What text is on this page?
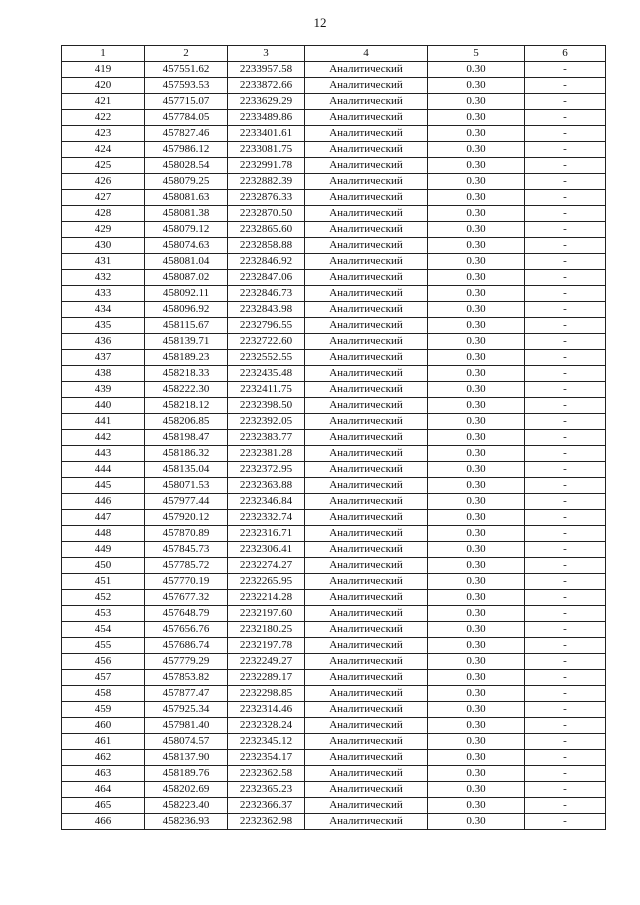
12
1	2	3	4	5	6
419	457551.62	2233957.58	Аналитический	0.30	-
420	457593.53	2233872.66	Аналитический	0.30	-
421	457715.07	2233629.29	Аналитический	0.30	-
422	457784.05	2233489.86	Аналитический	0.30	-
423	457827.46	2233401.61	Аналитический	0.30	-
424	457986.12	2233081.75	Аналитический	0.30	-
425	458028.54	2232991.78	Аналитический	0.30	-
426	458079.25	2232882.39	Аналитический	0.30	-
427	458081.63	2232876.33	Аналитический	0.30	-
428	458081.38	2232870.50	Аналитический	0.30	-
429	458079.12	2232865.60	Аналитический	0.30	-
430	458074.63	2232858.88	Аналитический	0.30	-
431	458081.04	2232846.92	Аналитический	0.30	-
432	458087.02	2232847.06	Аналитический	0.30	-
433	458092.11	2232846.73	Аналитический	0.30	-
434	458096.92	2232843.98	Аналитический	0.30	-
435	458115.67	2232796.55	Аналитический	0.30	-
436	458139.71	2232722.60	Аналитический	0.30	-
437	458189.23	2232552.55	Аналитический	0.30	-
438	458218.33	2232435.48	Аналитический	0.30	-
439	458222.30	2232411.75	Аналитический	0.30	-
440	458218.12	2232398.50	Аналитический	0.30	-
441	458206.85	2232392.05	Аналитический	0.30	-
442	458198.47	2232383.77	Аналитический	0.30	-
443	458186.32	2232381.28	Аналитический	0.30	-
444	458135.04	2232372.95	Аналитический	0.30	-
445	458071.53	2232363.88	Аналитический	0.30	-
446	457977.44	2232346.84	Аналитический	0.30	-
447	457920.12	2232332.74	Аналитический	0.30	-
448	457870.89	2232316.71	Аналитический	0.30	-
449	457845.73	2232306.41	Аналитический	0.30	-
450	457785.72	2232274.27	Аналитический	0.30	-
451	457770.19	2232265.95	Аналитический	0.30	-
452	457677.32	2232214.28	Аналитический	0.30	-
453	457648.79	2232197.60	Аналитический	0.30	-
454	457656.76	2232180.25	Аналитический	0.30	-
455	457686.74	2232197.78	Аналитический	0.30	-
456	457779.29	2232249.27	Аналитический	0.30	-
457	457853.82	2232289.17	Аналитический	0.30	-
458	457877.47	2232298.85	Аналитический	0.30	-
459	457925.34	2232314.46	Аналитический	0.30	-
460	457981.40	2232328.24	Аналитический	0.30	-
461	458074.57	2232345.12	Аналитический	0.30	-
462	458137.90	2232354.17	Аналитический	0.30	-
463	458189.76	2232362.58	Аналитический	0.30	-
464	458202.69	2232365.23	Аналитический	0.30	-
465	458223.40	2232366.37	Аналитический	0.30	-
466	458236.93	2232362.98	Аналитический	0.30	-
